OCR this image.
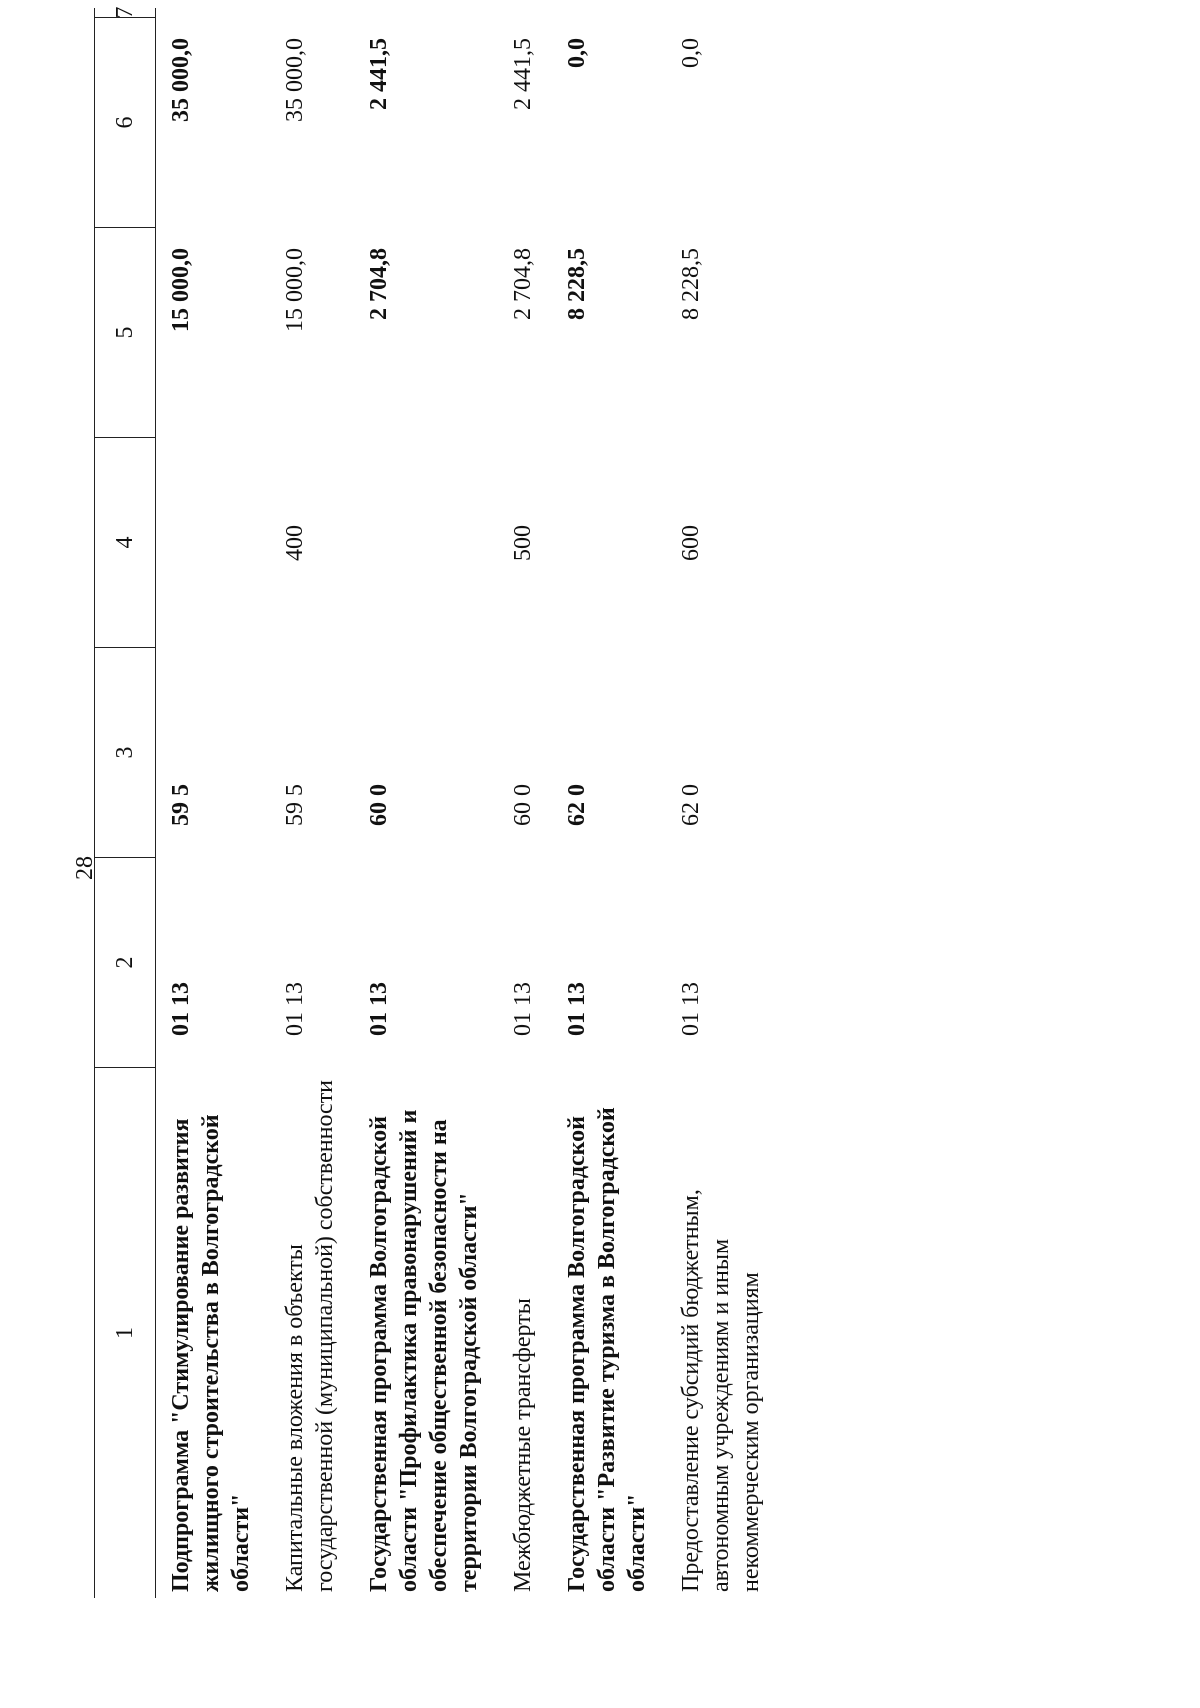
28
1
2
3
4
5
6
7
Подпрограмма "Стимулирование развития жилищного строительства в Волгоградской области"
01 13
59 5
15 000,0
35 000,0
Капитальные вложения в объекты государственной (муниципальной) собственности
01 13
59 5
400
15 000,0
35 000,0
Государственная программа Волгоградской области "Профилактика правонарушений и обеспечение общественной безопасности на территории Волгоградской области"
01 13
60 0
2 704,8
2 441,5
Межбюджетные трансферты
01 13
60 0
500
2 704,8
2 441,5
Государственная программа Волгоградской области "Развитие туризма в Волгоградской области"
01 13
62 0
8 228,5
0,0
Предоставление субсидий бюджетным, автономным учреждениям и иным некоммерческим организациям
01 13
62 0
600
8 228,5
0,0
